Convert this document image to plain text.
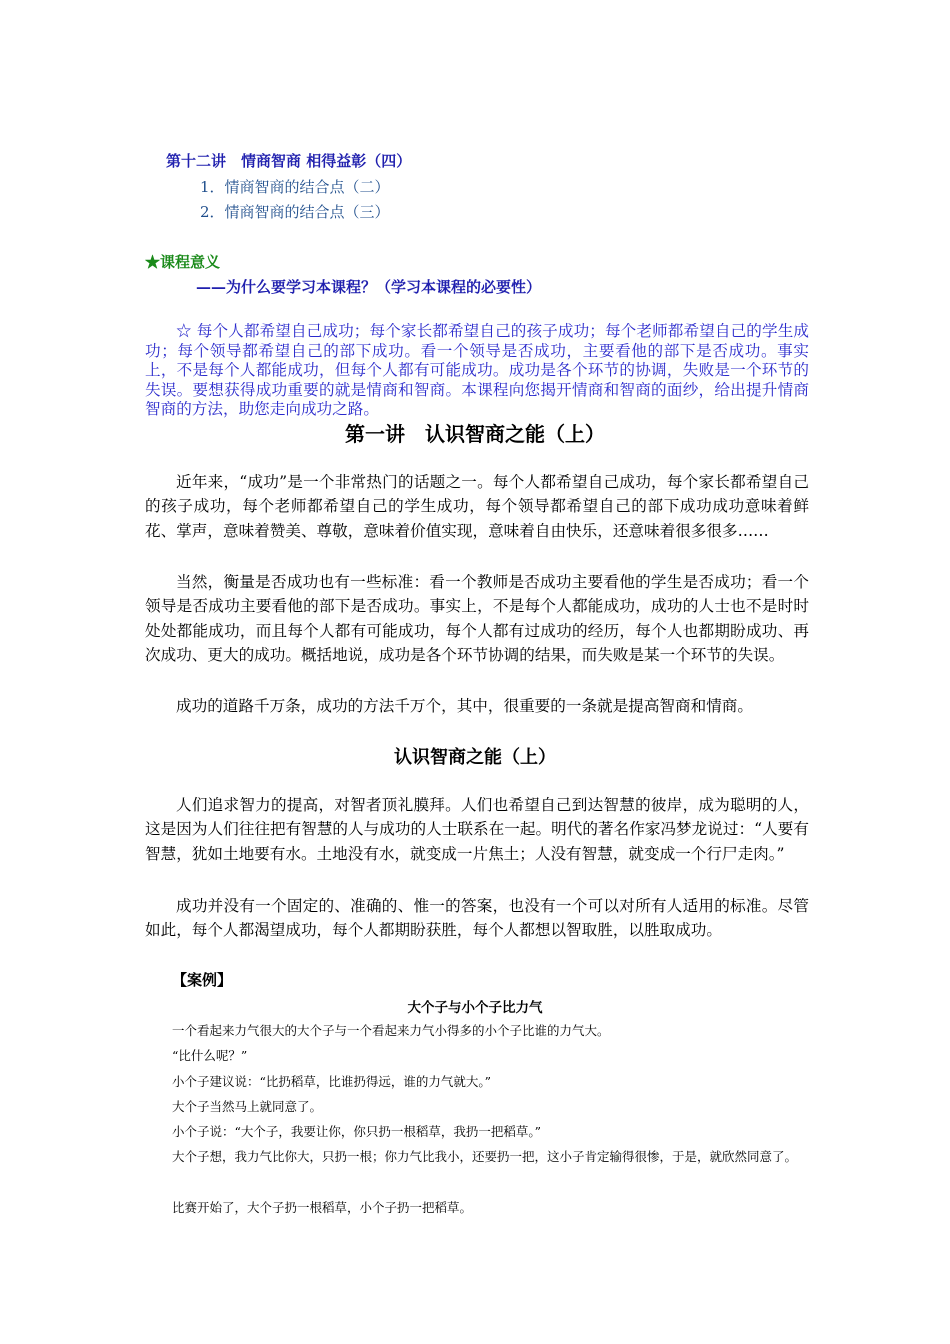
第十二讲　情商智商 相得益彰（四）
1．情商智商的结合点（二）
2．情商智商的结合点（三）
★课程意义
——为什么要学习本课程？（学习本课程的必要性）
☆ 每个人都希望自己成功；每个家长都希望自己的孩子成功；每个老师都希望自己的学生成功；每个领导都希望自己的部下成功。看一个领导是否成功，主要看他的部下是否成功。事实上，不是每个人都能成功，但每个人都有可能成功。成功是各个环节的协调，失败是一个环节的失误。要想获得成功重要的就是情商和智商。本课程向您揭开情商和智商的面纱，给出提升情商智商的方法，助您走向成功之路。
第一讲　认识智商之能（上）
近年来，“成功”是一个非常热门的话题之一。每个人都希望自己成功，每个家长都希望自己的孩子成功，每个老师都希望自己的学生成功，每个领导都希望自己的部下成功成功意味着鲜花、掌声，意味着赞美、尊敬，意味着价值实现，意味着自由快乐，还意味着很多很多……
当然，衡量是否成功也有一些标准：看一个教师是否成功主要看他的学生是否成功；看一个领导是否成功主要看他的部下是否成功。事实上，不是每个人都能成功，成功的人士也不是时时处处都能成功，而且每个人都有可能成功，每个人都有过成功的经历，每个人也都期盼成功、再次成功、更大的成功。概括地说，成功是各个环节协调的结果，而失败是某一个环节的失误。
成功的道路千万条，成功的方法千万个，其中，很重要的一条就是提高智商和情商。
认识智商之能（上）
人们追求智力的提高，对智者顶礼膜拜。人们也希望自己到达智慧的彼岸，成为聪明的人，这是因为人们往往把有智慧的人与成功的人士联系在一起。明代的著名作家冯梦龙说过：“人要有智慧，犹如土地要有水。土地没有水，就变成一片焦土；人没有智慧，就变成一个行尸走肉。”
成功并没有一个固定的、准确的、惟一的答案，也没有一个可以对所有人适用的标准。尽管如此，每个人都渴望成功，每个人都期盼获胜，每个人都想以智取胜，以胜取成功。
【案例】
大个子与小个子比力气
一个看起来力气很大的大个子与一个看起来力气小得多的小个子比谁的力气大。
“比什么呢？”
小个子建议说：“比扔稻草，比谁扔得远，谁的力气就大。”
大个子当然马上就同意了。
小个子说：“大个子，我要让你，你只扔一根稻草，我扔一把稻草。”
大个子想，我力气比你大，只扔一根；你力气比我小，还要扔一把，这小子肯定输得很惨，于是，就欣然同意了。
比赛开始了，大个子扔一根稻草，小个子扔一把稻草。
